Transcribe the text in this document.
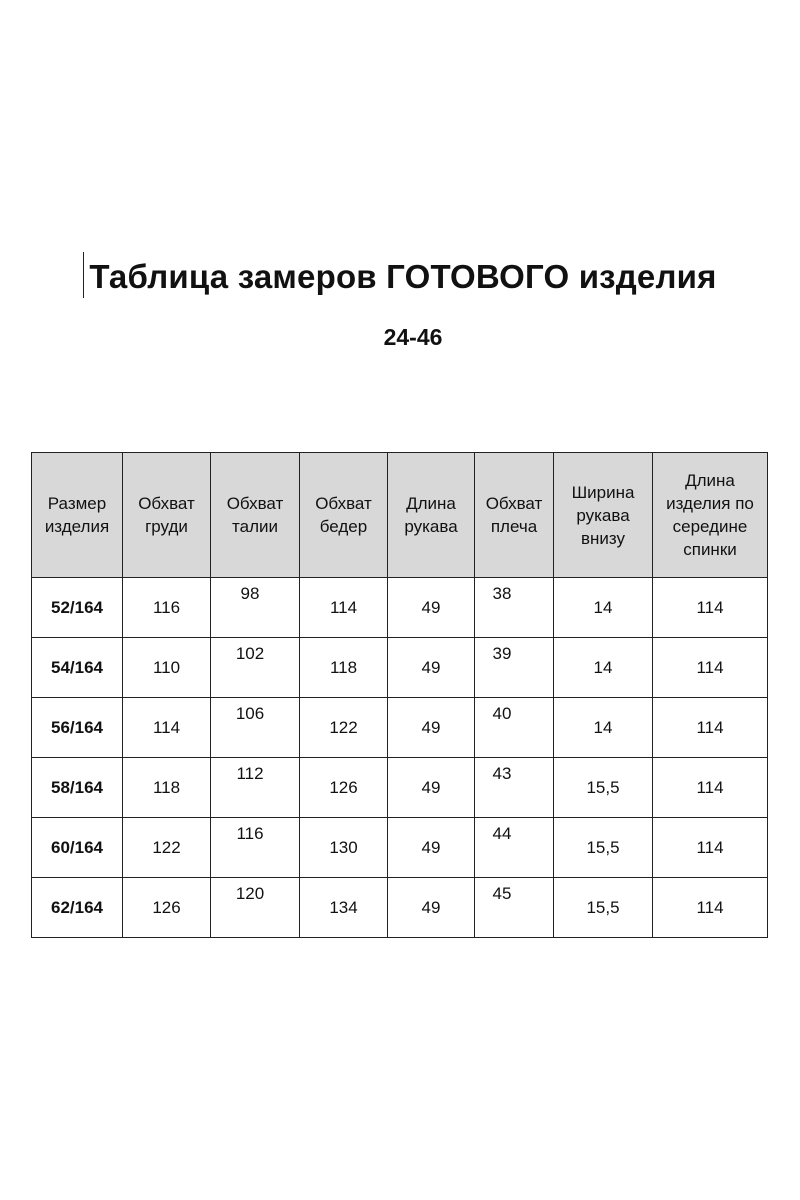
Таблица замеров ГОТОВОГО изделия
24-46
Размер изделия	Обхват груди	Обхват талии	Обхват бедер	Длина рукава	Обхват плеча	Ширина рукава внизу	Длина изделия по середине спинки
52/164	116	98	114	49	38	14	114
54/164	110	102	118	49	39	14	114
56/164	114	106	122	49	40	14	114
58/164	118	112	126	49	43	15,5	114
60/164	122	116	130	49	44	15,5	114
62/164	126	120	134	49	45	15,5	114
